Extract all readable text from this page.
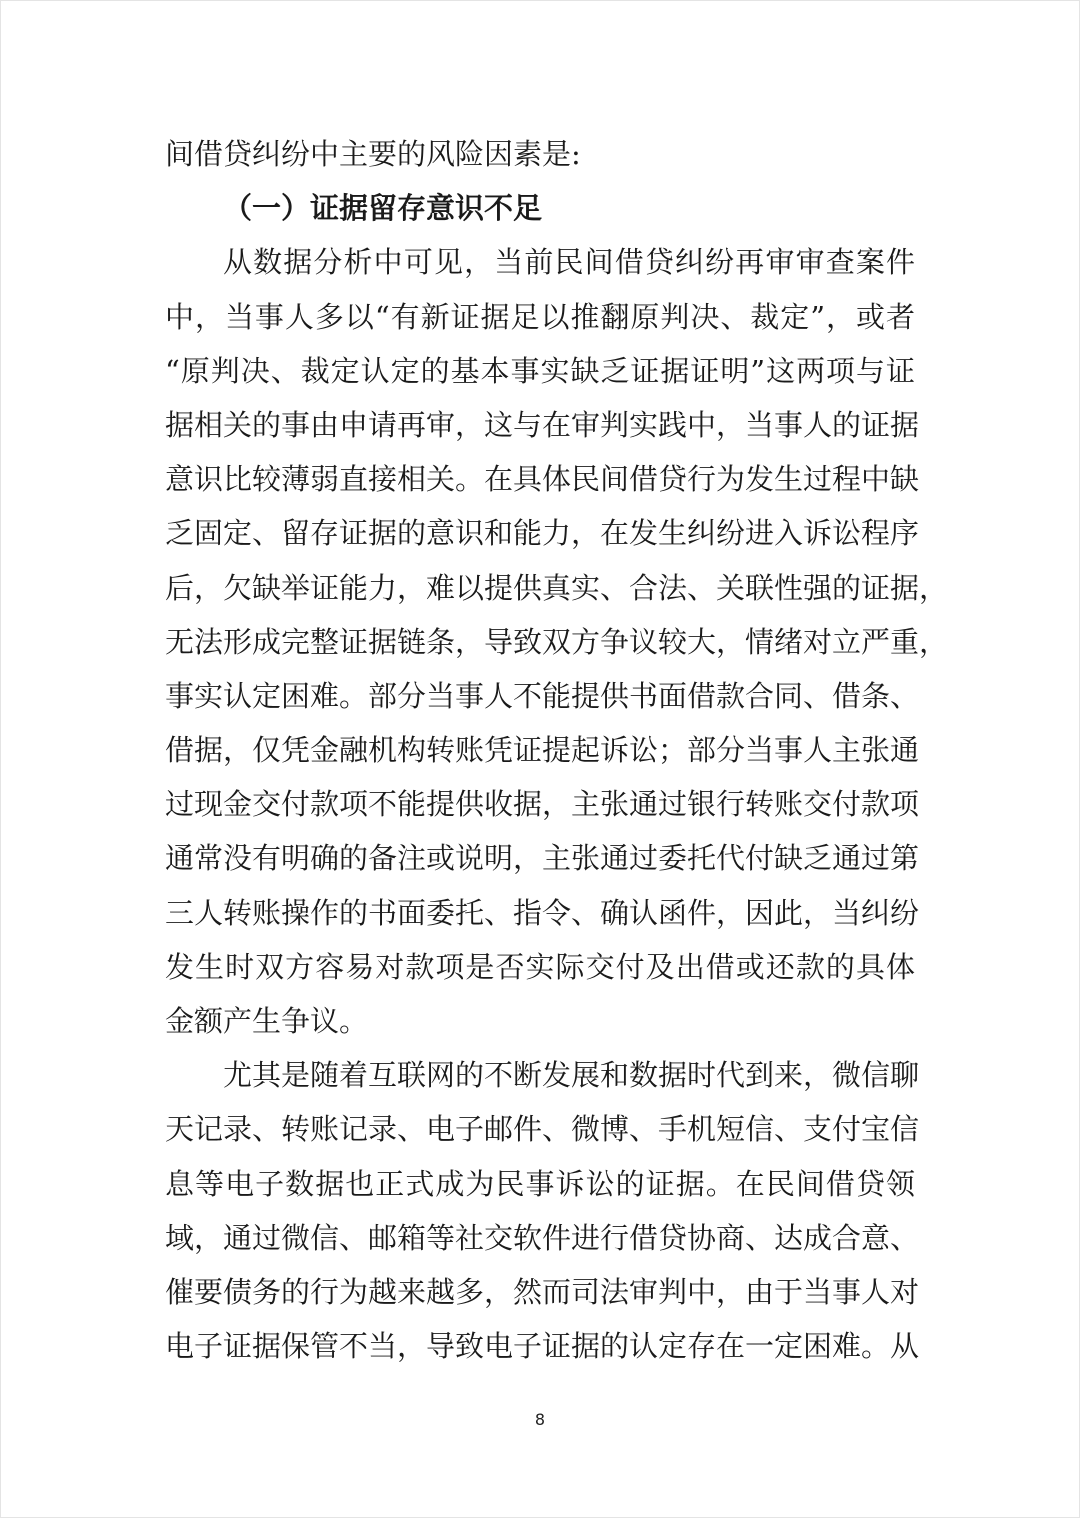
间借贷纠纷中主要的风险因素是:
（一）证据留存意识不足
从数据分析中可见，当前民间借贷纠纷再审审查案件
中，当事人多以“有新证据足以推翻原判决、裁定”，或者
“原判决、裁定认定的基本事实缺乏证据证明”这两项与证
据相关的事由申请再审，这与在审判实践中，当事人的证据
意识比较薄弱直接相关。在具体民间借贷行为发生过程中缺
乏固定、留存证据的意识和能力，在发生纠纷进入诉讼程序
后，欠缺举证能力，难以提供真实、合法、关联性强的证据，
无法形成完整证据链条，导致双方争议较大，情绪对立严重，
事实认定困难。部分当事人不能提供书面借款合同、借条、
借据，仅凭金融机构转账凭证提起诉讼；部分当事人主张通
过现金交付款项不能提供收据，主张通过银行转账交付款项
通常没有明确的备注或说明，主张通过委托代付缺乏通过第
三人转账操作的书面委托、指令、确认函件，因此，当纠纷
发生时双方容易对款项是否实际交付及出借或还款的具体
金额产生争议。
尤其是随着互联网的不断发展和数据时代到来，微信聊
天记录、转账记录、电子邮件、微博、手机短信、支付宝信
息等电子数据也正式成为民事诉讼的证据。在民间借贷领
域，通过微信、邮箱等社交软件进行借贷协商、达成合意、
催要债务的行为越来越多，然而司法审判中，由于当事人对
电子证据保管不当，导致电子证据的认定存在一定困难。从
8
